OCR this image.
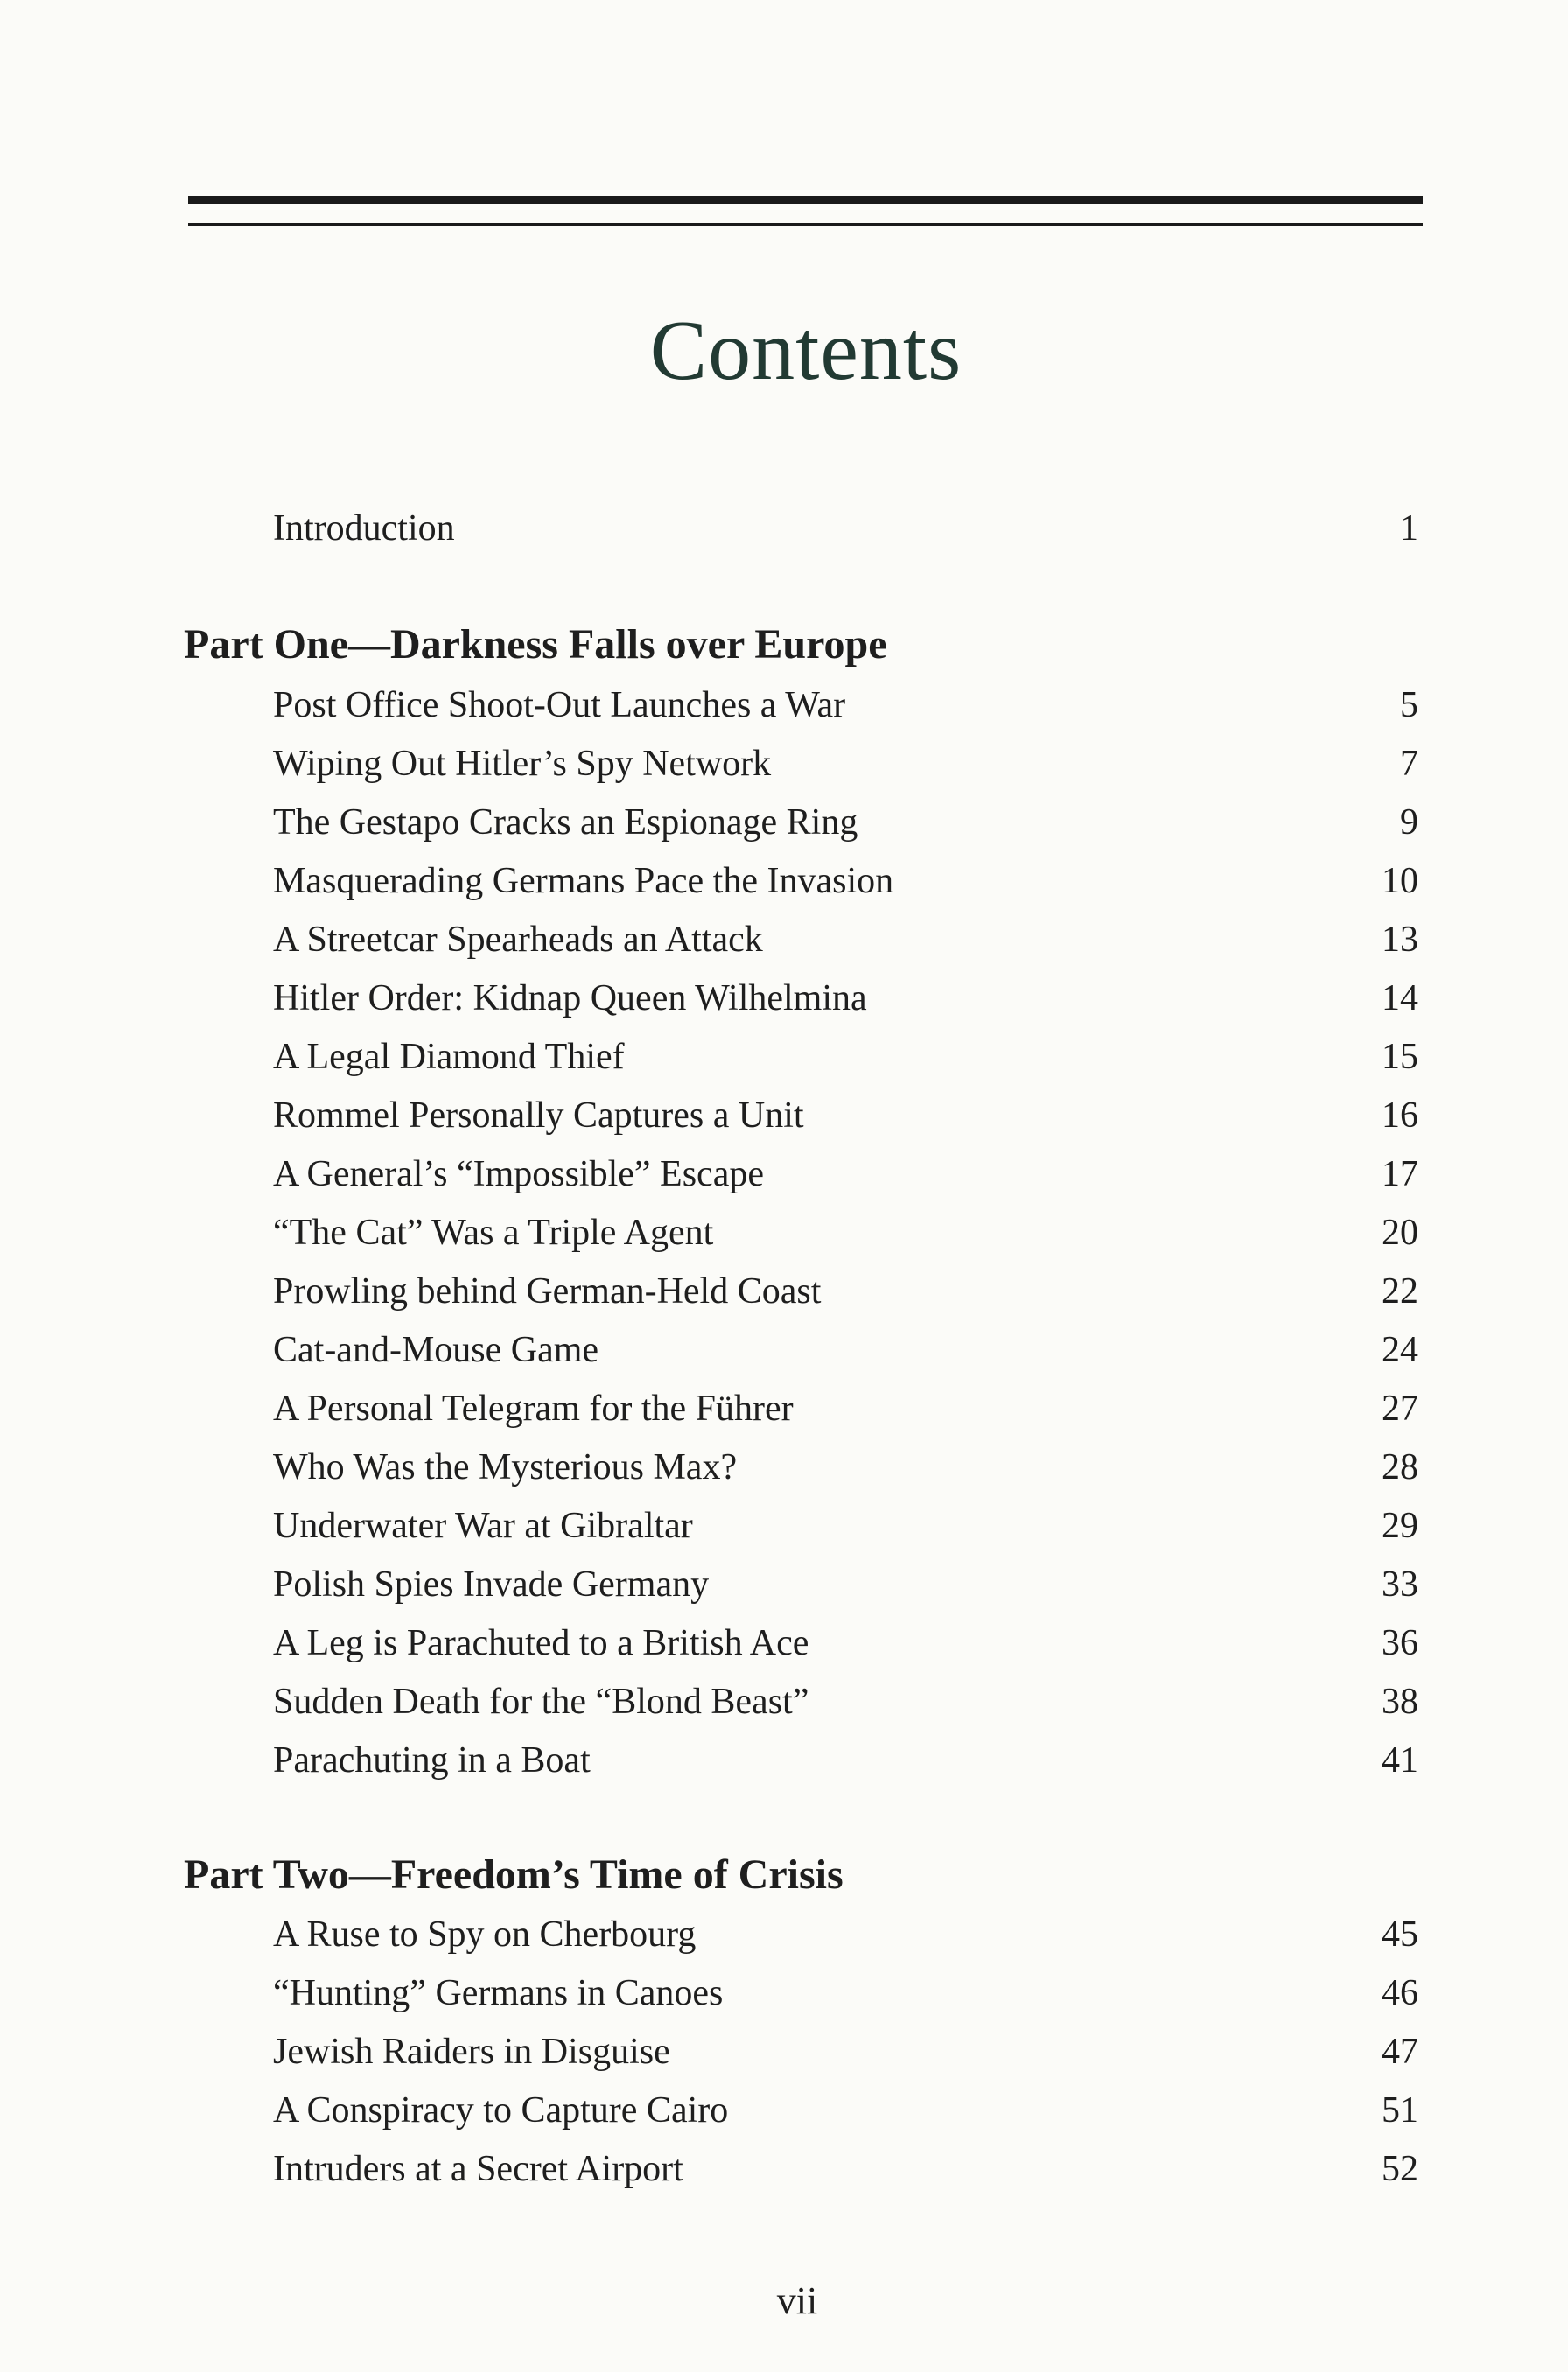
Contents
Introduction	1
Part One—Darkness Falls over Europe
Post Office Shoot-Out Launches a War	5
Wiping Out Hitler’s Spy Network	7
The Gestapo Cracks an Espionage Ring	9
Masquerading Germans Pace the Invasion	10
A Streetcar Spearheads an Attack	13
Hitler Order: Kidnap Queen Wilhelmina	14
A Legal Diamond Thief	15
Rommel Personally Captures a Unit	16
A General’s “Impossible” Escape	17
“The Cat” Was a Triple Agent	20
Prowling behind German-Held Coast	22
Cat-and-Mouse Game	24
A Personal Telegram for the Führer	27
Who Was the Mysterious Max?	28
Underwater War at Gibraltar	29
Polish Spies Invade Germany	33
A Leg is Parachuted to a British Ace	36
Sudden Death for the “Blond Beast”	38
Parachuting in a Boat	41
Part Two—Freedom’s Time of Crisis
A Ruse to Spy on Cherbourg	45
“Hunting” Germans in Canoes	46
Jewish Raiders in Disguise	47
A Conspiracy to Capture Cairo	51
Intruders at a Secret Airport	52
vii
